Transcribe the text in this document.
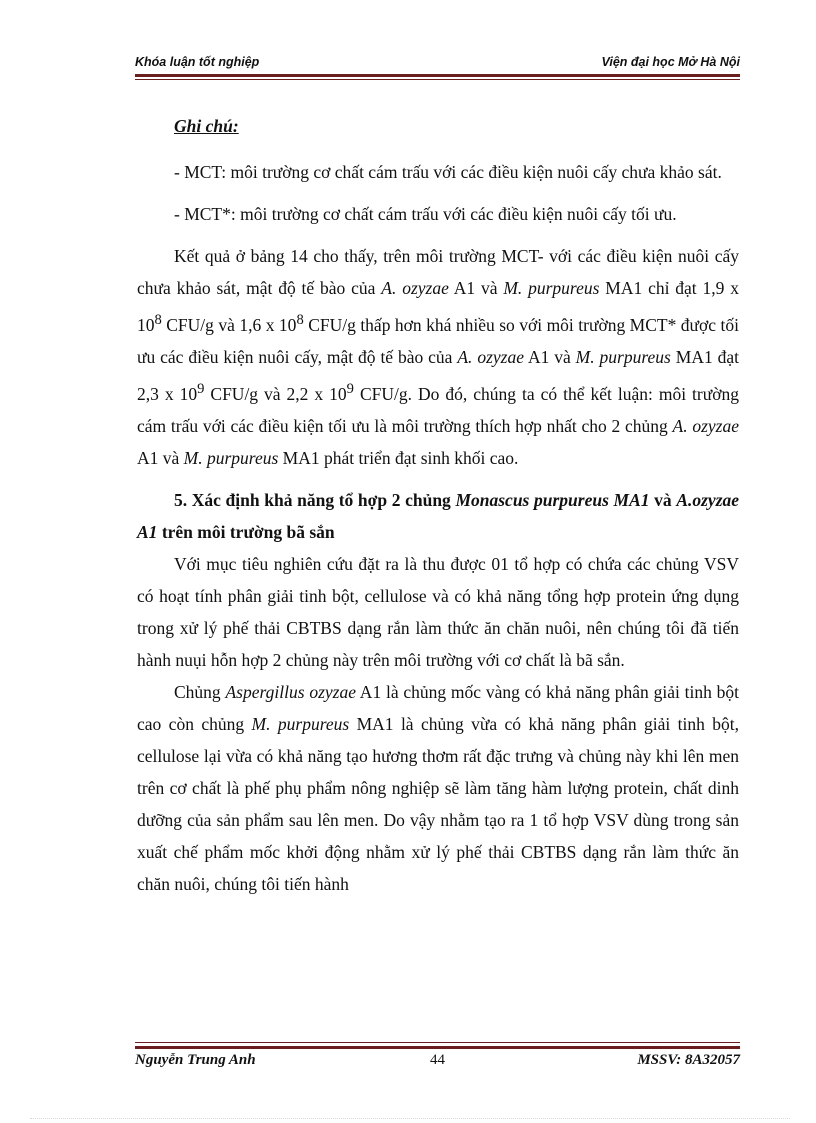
Khóa luận tốt nghiệp	Viện đại học Mở Hà Nội

Ghi chú:

- MCT: môi trường cơ chất cám trấu với các điều kiện nuôi cấy chưa khảo sát.

- MCT*: môi trường cơ chất cám trấu với các điều kiện nuôi cấy tối ưu.

Kết quả ở bảng 14 cho thấy, trên môi trường MCT- với các điều kiện nuôi cấy chưa khảo sát, mật độ tế bào của A. ozyzae A1 và M. purpureus MA1 chỉ đạt 1,9 x $10^8$ CFU/g và 1,6 x $10^8$ CFU/g thấp hơn khá nhiều so với môi trường MCT* được tối ưu các điều kiện nuôi cấy, mật độ tế bào của A. ozyzae A1 và M. purpureus MA1 đạt 2,3 x $10^9$ CFU/g và 2,2 x $10^9$ CFU/g. Do đó, chúng ta có thể kết luận: môi trường cám trấu với các điều kiện tối ưu là môi trường thích hợp nhất cho 2 chủng A. ozyzae A1 và M. purpureus MA1 phát triển đạt sinh khối cao.

5. Xác định khả năng tổ hợp 2 chủng Monascus purpureus MA1 và A.ozyzae A1 trên môi trường bã sắn

Với mục tiêu nghiên cứu đặt ra là thu được 01 tổ hợp có chứa các chủng VSV có hoạt tính phân giải tinh bột, cellulose và có khả năng tổng hợp protein ứng dụng trong xử lý phế thải CBTBS dạng rắn làm thức ăn chăn nuôi, nên chúng tôi đã tiến hành nuụi hỗn hợp 2 chủng này trên môi trường với cơ chất là bã sắn.

Chủng Aspergillus ozyzae A1 là chủng mốc vàng có khả năng phân giải tinh bột cao còn chủng M. purpureus MA1 là chủng vừa có khả năng phân giải tinh bột, cellulose lại vừa có khả năng tạo hương thơm rất đặc trưng và chủng này khi lên men trên cơ chất là phế phụ phẩm nông nghiệp sẽ làm tăng hàm lượng protein, chất dinh dưỡng của sản phẩm sau lên men. Do vậy nhằm tạo ra 1 tổ hợp VSV dùng trong sản xuất chế phẩm mốc khởi động nhằm xử lý phế thải CBTBS dạng rắn làm thức ăn chăn nuôi, chúng tôi tiến hành

Nguyễn Trung Anh	44	MSSV: 8A32057
